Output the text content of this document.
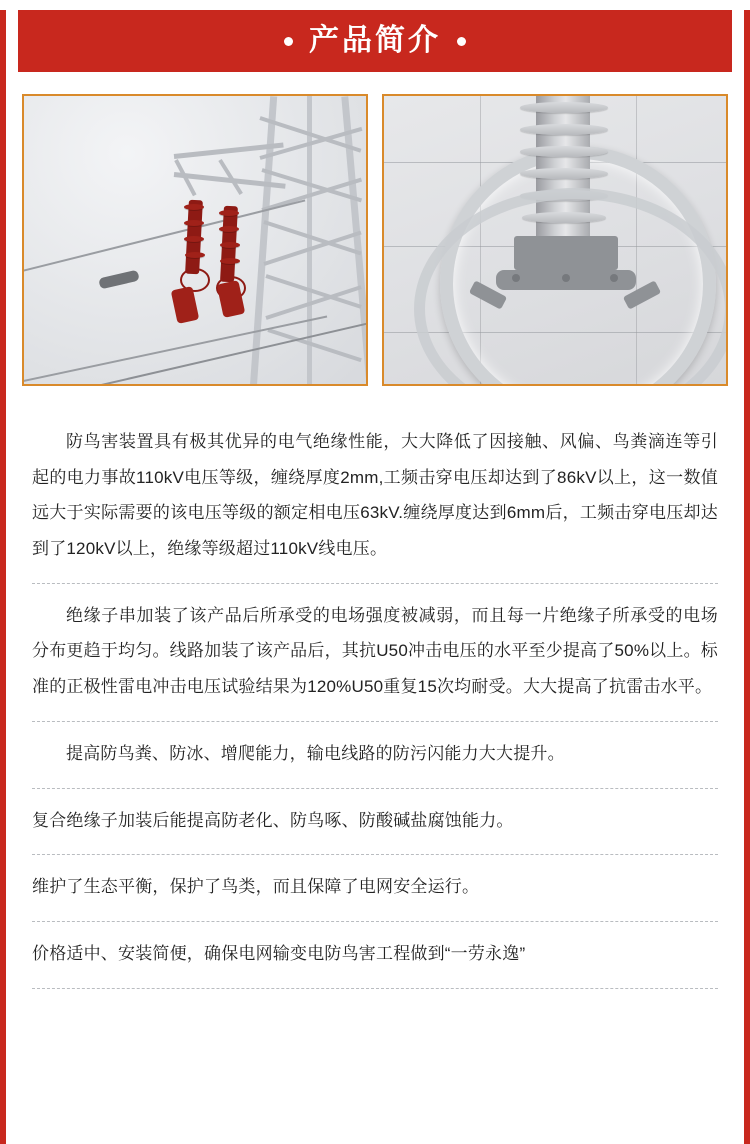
产品简介
防鸟害装置具有极其优异的电气绝缘性能，大大降低了因接触、风偏、鸟粪滴连等引起的电力事故110kV电压等级，缠绕厚度2mm,工频击穿电压却达到了86kV以上，这一数值远大于实际需要的该电压等级的额定相电压63kV.缠绕厚度达到6mm后，工频击穿电压却达到了120kV以上，绝缘等级超过110kV线电压。
绝缘子串加装了该产品后所承受的电场强度被减弱，而且每一片绝缘子所承受的电场分布更趋于均匀。线路加装了该产品后，其抗U50冲击电压的水平至少提高了50%以上。标准的正极性雷电冲击电压试验结果为120%U50重复15次均耐受。大大提高了抗雷击水平。
提高防鸟粪、防冰、增爬能力，输电线路的防污闪能力大大提升。
复合绝缘子加装后能提高防老化、防鸟啄、防酸碱盐腐蚀能力。
维护了生态平衡，保护了鸟类，而且保障了电网安全运行。
价格适中、安装简便，确保电网输变电防鸟害工程做到“一劳永逸”
